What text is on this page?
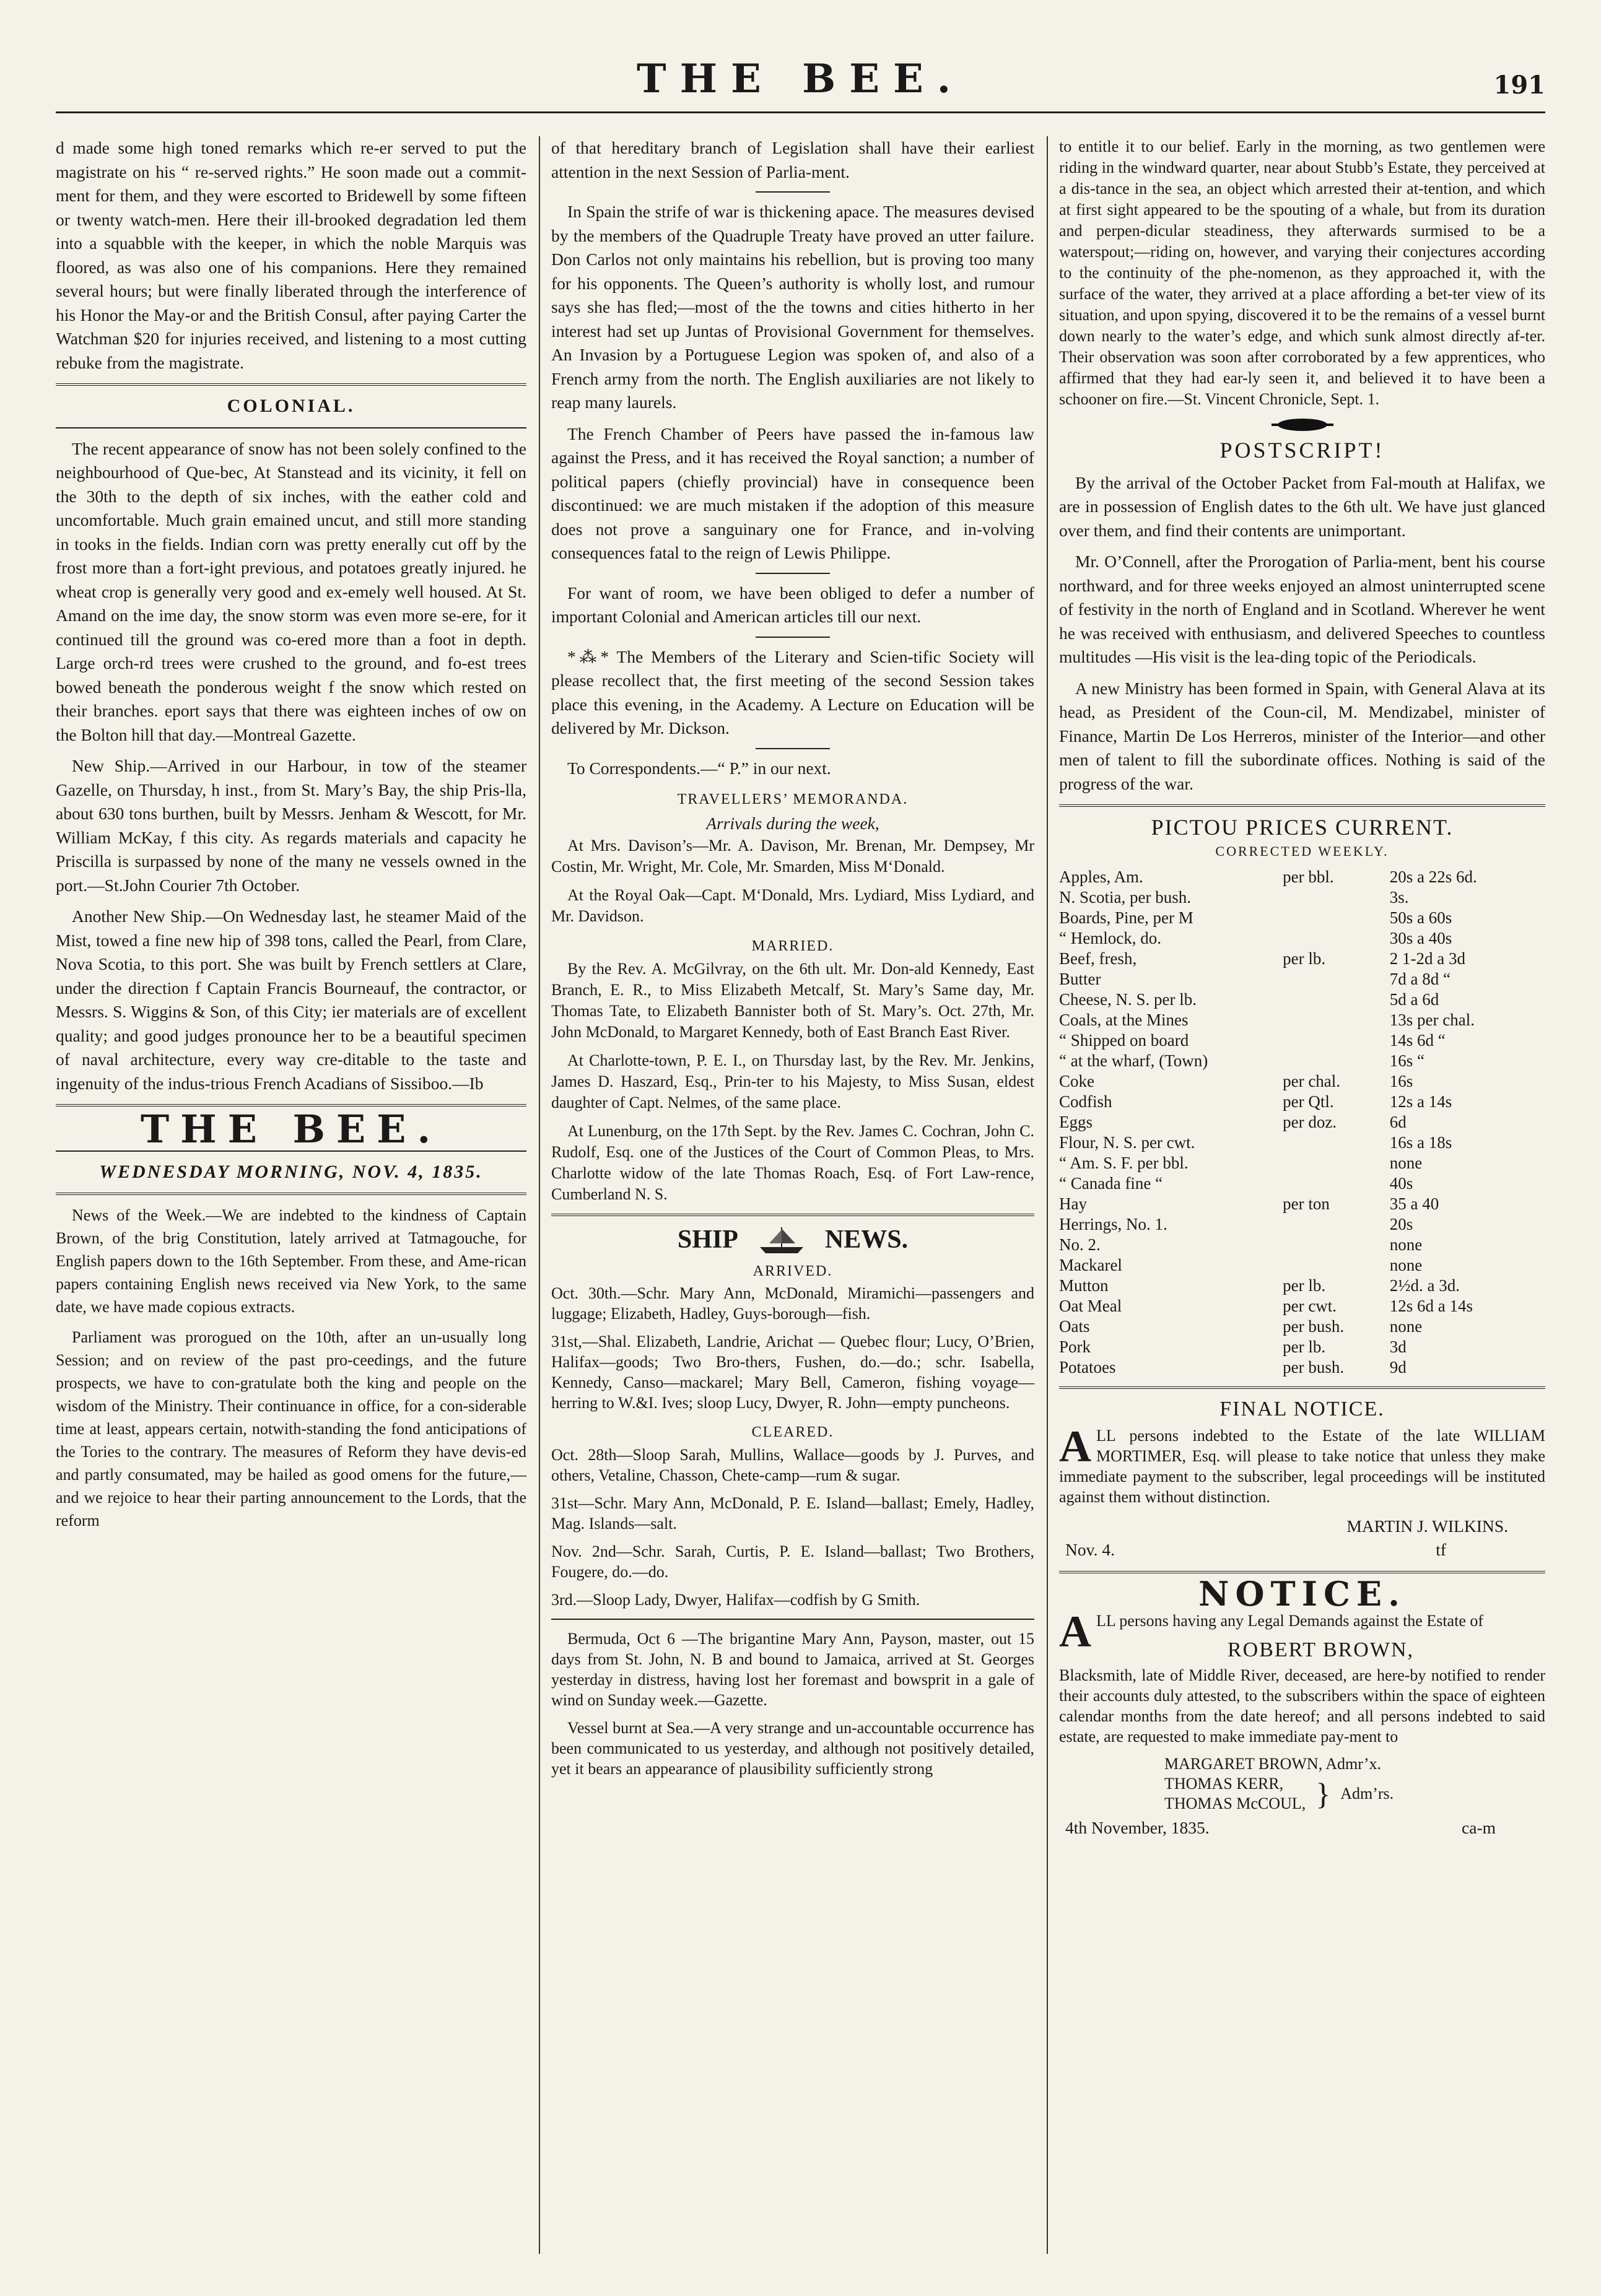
THE BEE.	191

d made some high toned remarks which re-er served to put the magistrate on his “ re-served rights.” He soon made out a commit-ment for them, and they were escorted to Bridewell by some fifteen or twenty watch-men. Here their ill-brooked degradation led them into a squabble with the keeper, in which the noble Marquis was floored, as was also one of his companions. Here they remained several hours; but were finally liberated through the interference of his Honor the May-or and the British Consul, after paying Carter the Watchman $20 for injuries received, and listening to a most cutting rebuke from the magistrate.

COLONIAL.

The recent appearance of snow has not been solely confined to the neighbourhood of Que-bec, At Stanstead and its vicinity, it fell on the 30th to the depth of six inches, with the eather cold and uncomfortable. Much grain emained uncut, and still more standing in tooks in the fields. Indian corn was pretty enerally cut off by the frost more than a fort-ight previous, and potatoes greatly injured. he wheat crop is generally very good and ex-emely well housed. At St. Amand on the ime day, the snow storm was even more se-ere, for it continued till the ground was co-ered more than a foot in depth. Large orch-rd trees were crushed to the ground, and fo-est trees bowed beneath the ponderous weight f the snow which rested on their branches. eport says that there was eighteen inches of ow on the Bolton hill that day.—Montreal Gazette.

New Ship.—Arrived in our Harbour, in tow of the steamer Gazelle, on Thursday, h inst., from St. Mary’s Bay, the ship Pris-lla, about 630 tons burthen, built by Messrs. Jenham & Wescott, for Mr. William McKay, f this city. As regards materials and capacity he Priscilla is surpassed by none of the many ne vessels owned in the port.—St.John Courier 7th October.

Another New Ship.—On Wednesday last, he steamer Maid of the Mist, towed a fine new hip of 398 tons, called the Pearl, from Clare, Nova Scotia, to this port. She was built by French settlers at Clare, under the direction f Captain Francis Bourneauf, the contractor, or Messrs. S. Wiggins & Son, of this City; ier materials are of excellent quality; and good judges pronounce her to be a beautiful specimen of naval architecture, every way cre-ditable to the taste and ingenuity of the indus-trious French Acadians of Sissiboo.—Ib

THE BEE.
WEDNESDAY MORNING, NOV. 4, 1835.

News of the Week.—We are indebted to the kindness of Captain Brown, of the brig Constitution, lately arrived at Tatmagouche, for English papers down to the 16th September. From these, and Ame-rican papers containing English news received via New York, to the same date, we have made copious extracts.

Parliament was prorogued on the 10th, after an un-usually long Session; and on review of the past pro-ceedings, and the future prospects, we have to con-gratulate both the king and people on the wisdom of the Ministry. Their continuance in office, for a con-siderable time at least, appears certain, notwith-standing the fond anticipations of the Tories to the contrary. The measures of Reform they have devis-ed and partly consumated, may be hailed as good omens for the future,—and we rejoice to hear their parting announcement to the Lords, that the reform

of that hereditary branch of Legislation shall have their earliest attention in the next Session of Parlia-ment.

In Spain the strife of war is thickening apace. The measures devised by the members of the Quadruple Treaty have proved an utter failure. Don Carlos not only maintains his rebellion, but is proving too many for his opponents. The Queen’s authority is wholly lost, and rumour says she has fled;—most of the the towns and cities hitherto in her interest had set up Juntas of Provisional Government for themselves. An Invasion by a Portuguese Legion was spoken of, and also of a French army from the north. The English auxiliaries are not likely to reap many laurels.

The French Chamber of Peers have passed the in-famous law against the Press, and it has received the Royal sanction; a number of political papers (chiefly provincial) have in consequence been discontinued: we are much mistaken if the adoption of this measure does not prove a sanguinary one for France, and in-volving consequences fatal to the reign of Lewis Philippe.

For want of room, we have been obliged to defer a number of important Colonial and American articles till our next.

*⁂* The Members of the Literary and Scien-tific Society will please recollect that, the first meeting of the second Session takes place this evening, in the Academy. A Lecture on Education will be delivered by Mr. Dickson.

To Correspondents.—“ P.” in our next.

TRAVELLERS’ MEMORANDA.
Arrivals during the week,

At Mrs. Davison’s—Mr. A. Davison, Mr. Brenan, Mr. Dempsey, Mr Costin, Mr. Wright, Mr. Cole, Mr. Smarden, Miss M‘Donald.

At the Royal Oak—Capt. M‘Donald, Mrs. Lydiard, Miss Lydiard, and Mr. Davidson.

MARRIED.

By the Rev. A. McGilvray, on the 6th ult. Mr. Don-ald Kennedy, East Branch, E. R., to Miss Elizabeth Metcalf, St. Mary’s Same day, Mr. Thomas Tate, to Elizabeth Bannister both of St. Mary’s. Oct. 27th, Mr. John McDonald, to Margaret Kennedy, both of East Branch East River.

At Charlotte-town, P. E. I., on Thursday last, by the Rev. Mr. Jenkins, James D. Haszard, Esq., Prin-ter to his Majesty, to Miss Susan, eldest daughter of Capt. Nelmes, of the same place.

At Lunenburg, on the 17th Sept. by the Rev. James C. Cochran, John C. Rudolf, Esq. one of the Justices of the Court of Common Pleas, to Mrs. Charlotte widow of the late Thomas Roach, Esq. of Fort Law-rence, Cumberland N. S.

SHIP	NEWS.
ARRIVED.

Oct. 30th.—Schr. Mary Ann, McDonald, Miramichi—passengers and luggage; Elizabeth, Hadley, Guys-borough—fish.

31st,—Shal. Elizabeth, Landrie, Arichat — Quebec flour; Lucy, O’Brien, Halifax—goods; Two Bro-thers, Fushen, do.—do.; schr. Isabella, Kennedy, Canso—mackarel; Mary Bell, Cameron, fishing voyage—herring to W.&I. Ives; sloop Lucy, Dwyer, R. John—empty puncheons.

CLEARED.

Oct. 28th—Sloop Sarah, Mullins, Wallace—goods by J. Purves, and others, Vetaline, Chasson, Chete-camp—rum & sugar.

31st—Schr. Mary Ann, McDonald, P. E. Island—ballast; Emely, Hadley, Mag. Islands—salt.

Nov. 2nd—Schr. Sarah, Curtis, P. E. Island—ballast; Two Brothers, Fougere, do.—do.

3rd.—Sloop Lady, Dwyer, Halifax—codfish by G Smith.

Bermuda, Oct 6 —The brigantine Mary Ann, Payson, master, out 15 days from St. John, N. B and bound to Jamaica, arrived at St. Georges yesterday in distress, having lost her foremast and bowsprit in a gale of wind on Sunday week.—Gazette.

Vessel burnt at Sea.—A very strange and un-accountable occurrence has been communicated to us yesterday, and although not positively detailed, yet it bears an appearance of plausibility sufficiently strong

to entitle it to our belief. Early in the morning, as two gentlemen were riding in the windward quarter, near about Stubb’s Estate, they perceived at a dis-tance in the sea, an object which arrested their at-tention, and which at first sight appeared to be the spouting of a whale, but from its duration and perpen-dicular steadiness, they afterwards surmised to be a waterspout;—riding on, however, and varying their conjectures according to the continuity of the phe-nomenon, as they approached it, with the surface of the water, they arrived at a place affording a bet-ter view of its situation, and upon spying, discovered it to be the remains of a vessel burnt down nearly to the water’s edge, and which sunk almost directly af-ter. Their observation was soon after corroborated by a few apprentices, who affirmed that they had ear-ly seen it, and believed it to have been a schooner on fire.—St. Vincent Chronicle, Sept. 1.

POSTSCRIPT!

By the arrival of the October Packet from Fal-mouth at Halifax, we are in possession of English dates to the 6th ult. We have just glanced over them, and find their contents are unimportant.

Mr. O’Connell, after the Prorogation of Parlia-ment, bent his course northward, and for three weeks enjoyed an almost uninterrupted scene of festivity in the north of England and in Scotland. Wherever he went he was received with enthusiasm, and delivered Speeches to countless multitudes —His visit is the lea-ding topic of the Periodicals.

A new Ministry has been formed in Spain, with General Alava at its head, as President of the Coun-cil, M. Mendizabel, minister of Finance, Martin De Los Herreros, minister of the Interior—and other men of talent to fill the subordinate offices. Nothing is said of the progress of the war.

PICTOU PRICES CURRENT.
CORRECTED WEEKLY.
Apples, Am.	per bbl.	20s a 22s 6d.
N. Scotia, per bush.		3s.
Boards, Pine, per M		50s a 60s
“ Hemlock, do.		30s a 40s
Beef, fresh,	per lb.	2 1-2d a 3d
Butter		7d a 8d “
Cheese, N. S. per lb.		5d a 6d
Coals, at the Mines		13s per chal.
“ Shipped on board		14s 6d “
“ at the wharf, (Town)		16s “
Coke	per chal.	16s
Codfish	per Qtl.	12s a 14s
Eggs	per doz.	6d
Flour, N. S. per cwt.		16s a 18s
“ Am. S. F. per bbl.		none
“ Canada fine “		40s
Hay	per ton	35 a 40
Herrings, No. 1.		20s
No. 2.		none
Mackarel		none
Mutton	per lb.	2½d. a 3d.
Oat Meal	per cwt.	12s 6d a 14s
Oats	per bush.	none
Pork	per lb.	3d
Potatoes	per bush.	9d
FINAL NOTICE.

ALL persons indebted to the Estate of the late WILLIAM MORTIMER, Esq. will please to take notice that unless they make immediate payment to the subscriber, legal proceedings will be instituted against them without distinction.

MARTIN J. WILKINS.
Nov. 4.	tf
NOTICE.

ALL persons having any Legal Demands against the Estate of

ROBERT BROWN,

Blacksmith, late of Middle River, deceased, are here-by notified to render their accounts duly attested, to the subscribers within the space of eighteen calendar months from the date hereof; and all persons indebted to said estate, are requested to make immediate pay-ment to

MARGARET BROWN, Admr’x.
THOMAS KERR,
THOMAS McCOUL, } Adm’rs.
4th November, 1835.	ca-m
